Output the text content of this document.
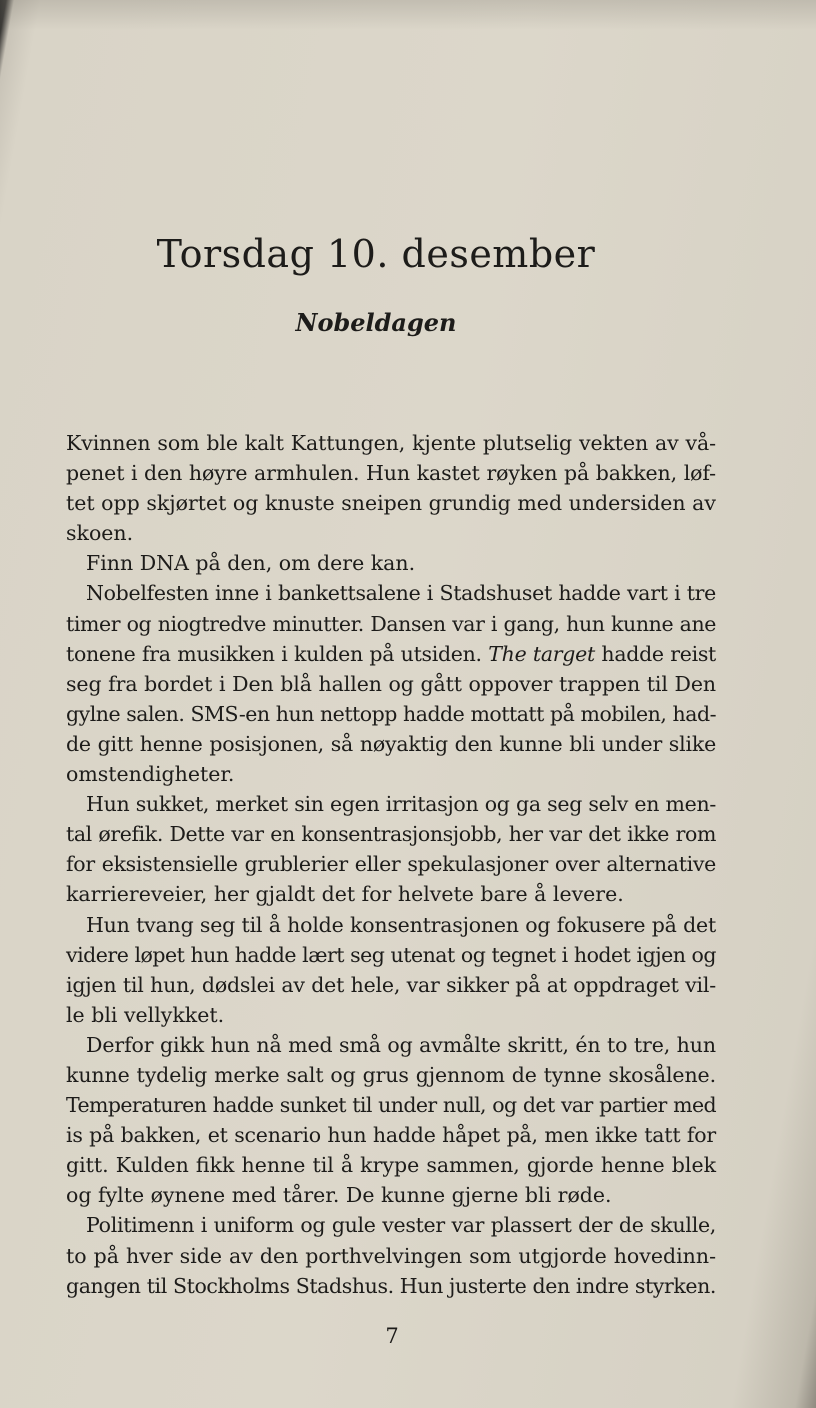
Torsdag 10. desember
Nobeldagen
Kvinnen som ble kalt Kattungen, kjente plutselig vekten av vå-
penet i den høyre armhulen. Hun kastet røyken på bakken, løf-
tet opp skjørtet og knuste sneipen grundig med undersiden av
skoen.
Finn DNA på den, om dere kan.
Nobelfesten inne i bankettsalene i Stadshuset hadde vart i tre
timer og niogtredve minutter. Dansen var i gang, hun kunne ane
tonene fra musikken i kulden på utsiden. The target hadde reist
seg fra bordet i Den blå hallen og gått oppover trappen til Den
gylne salen. SMS-en hun nettopp hadde mottatt på mobilen, had-
de gitt henne posisjonen, så nøyaktig den kunne bli under slike
omstendigheter.
Hun sukket, merket sin egen irritasjon og ga seg selv en men-
tal ørefik. Dette var en konsentrasjonsjobb, her var det ikke rom
for eksistensielle grublerier eller spekulasjoner over alternative
karriereveier, her gjaldt det for helvete bare å levere.
Hun tvang seg til å holde konsentrasjonen og fokusere på det
videre løpet hun hadde lært seg utenat og tegnet i hodet igjen og
igjen til hun, dødslei av det hele, var sikker på at oppdraget vil-
le bli vellykket.
Derfor gikk hun nå med små og avmålte skritt, én to tre, hun
kunne tydelig merke salt og grus gjennom de tynne skosålene.
Temperaturen hadde sunket til under null, og det var partier med
is på bakken, et scenario hun hadde håpet på, men ikke tatt for
gitt. Kulden fikk henne til å krype sammen, gjorde henne blek
og fylte øynene med tårer. De kunne gjerne bli røde.
Politimenn i uniform og gule vester var plassert der de skulle,
to på hver side av den porthvelvingen som utgjorde hovedinn-
gangen til Stockholms Stadshus. Hun justerte den indre styrken.
7
